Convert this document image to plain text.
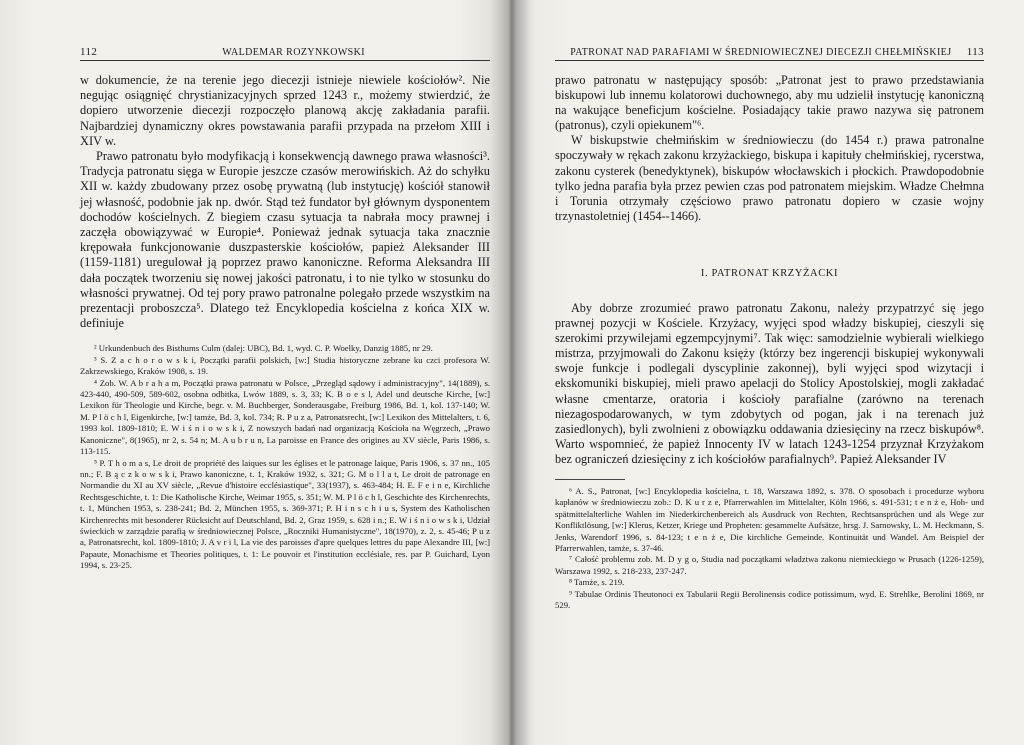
112	WALDEMAR ROZYNKOWSKI

w dokumencie, że na terenie jego diecezji istnieje niewiele kościołów². Nie negując osiągnięć chrystianizacyjnych sprzed 1243 r., możemy stwierdzić, że dopiero utworzenie diecezji rozpoczęło planową akcję zakładania parafii. Najbardziej dynamiczny okres powstawania parafii przypada na przełom XIII i XIV w.

Prawo patronatu było modyfikacją i konsekwencją dawnego prawa własności³. Tradycja patronatu sięga w Europie jeszcze czasów merowińskich. Aż do schyłku XII w. każdy zbudowany przez osobę prywatną (lub instytucję) kościół stanowił jej własność, podobnie jak np. dwór. Stąd też fundator był głównym dysponentem dochodów kościelnych. Z biegiem czasu sytuacja ta nabrała mocy prawnej i zaczęła obowiązywać w Europie⁴. Ponieważ jednak sytuacja taka znacznie krępowała funkcjonowanie duszpasterskie kościołów, papież Aleksander III (1159-1181) uregulował ją poprzez prawo kanoniczne. Reforma Aleksandra III dała początek tworzeniu się nowej jakości patronatu, i to nie tylko w stosunku do własności prywatnej. Od tej pory prawo patronalne polegało przede wszystkim na prezentacji proboszcza⁵. Dlatego też Encyklopedia kościelna z końca XIX w. definiuje

² Urkundenbuch des Bisthums Culm (dalej: UBC), Bd. 1, wyd. C. P. Woelky, Danzig 1885, nr 29.

³ S. Z a c h o r o w s k i, Początki parafii polskich, [w:] Studia historyczne zebrane ku czci profesora W. Zakrzewskiego, Kraków 1908, s. 19.

⁴ Zob. W. A b r a h a m, Początki prawa patronatu w Polsce, „Przegląd sądowy i administracyjny", 14(1889), s. 423-440, 490-509, 589-602, osobna odbitka, Lwów 1889, s. 3, 33; K. B o e s l, Adel und deutsche Kirche, [w:] Lexikon für Theologie und Kirche, begr. v. M. Buchberger, Sonderausgabe, Freiburg 1986, Bd. 1, kol. 137-140; W. M. P l ö c h l, Eigenkirche, [w:] tamże, Bd. 3, kol. 734; R. P u z a, Patronatsrecht, [w:] Lexikon des Mittelalters, t. 6, 1993 kol. 1809-1810; E. W i ś n i o w s k i, Z nowszych badań nad organizacją Kościoła na Węgrzech, „Prawo Kanoniczne", 8(1965), nr 2, s. 54 n; M. A u b r u n, La paroisse en France des origines au XV siècle, Paris 1986, s. 113-115.

⁵ P. T h o m a s, Le droit de propriété des laiques sur les églises et le patronage laique, Paris 1906, s. 37 nn., 105 nn.; F. B ą c z k o w s k i, Prawo kanoniczne, t. 1, Kraków 1932, s. 321; G. M o l l a t, Le droit de patronage en Normandie du XI au XV siècle, „Revue d'histoire ecclésiastique", 33(1937), s. 463-484; H. E. F e i n e, Kirchliche Rechtsgeschichte, t. 1: Die Katholische Kirche, Weimar 1955, s. 351; W. M. P l ö c h l, Geschichte des Kirchenrechts, t. 1, München 1953, s. 238-241; Bd. 2, München 1955, s. 369-371; P. H i n s c h i u s, System des Katholischen Kirchenrechts mit besonderer Rücksicht auf Deutschland, Bd. 2, Graz 1959, s. 628 i n.; E. W i ś n i o w s k i, Udział świeckich w zarządzie parafią w średniowiecznej Polsce, „Roczniki Humanistyczne", 18(1970), z. 2, s. 45-46; P u z a, Patronatsrecht, kol. 1809-1810; J. A v r i l, La vie des paroisses d'apre quelques lettres du pape Alexandre III, [w:] Papaute, Monachisme et Theories politiques, t. 1: Le pouvoir et l'institution ecclésiale, res. par P. Guichard, Lyon 1994, s. 23-25.

PATRONAT NAD PARAFIAMI W ŚREDNIOWIECZNEJ DIECEZJI CHEŁMIŃSKIEJ	113

prawo patronatu w następujący sposób: „Patronat jest to prawo przedstawiania biskupowi lub innemu kolatorowi duchownego, aby mu udzielił instytucję kanoniczną na wakujące beneficjum kościelne. Posiadający takie prawo nazywa się patronem (patronus), czyli opiekunem"⁶.

W biskupstwie chełmińskim w średniowieczu (do 1454 r.) prawa patronalne spoczywały w rękach zakonu krzyżackiego, biskupa i kapituły chełmińskiej, rycerstwa, zakonu cysterek (benedyktynek), biskupów włocławskich i płockich. Prawdopodobnie tylko jedna parafia była przez pewien czas pod patronatem miejskim. Władze Chełmna i Torunia otrzymały częściowo prawo patronatu dopiero w czasie wojny trzynastoletniej (1454--1466).

I. PATRONAT KRZYŻACKI

Aby dobrze zrozumieć prawo patronatu Zakonu, należy przypatrzyć się jego prawnej pozycji w Kościele. Krzyżacy, wyjęci spod władzy biskupiej, cieszyli się szerokimi przywilejami egzempcyjnymi⁷. Tak więc: samodzielnie wybierali wielkiego mistrza, przyjmowali do Zakonu księży (którzy bez ingerencji biskupiej wykonywali swoje funkcje i podlegali dyscyplinie zakonnej), byli wyjęci spod wizytacji i ekskomuniki biskupiej, mieli prawo apelacji do Stolicy Apostolskiej, mogli zakładać własne cmentarze, oratoria i kościoły parafialne (zarówno na terenach niezagospodarowanych, w tym zdobytych od pogan, jak i na terenach już zasiedlonych), byli zwolnieni z obowiązku oddawania dziesięciny na rzecz biskupów⁸. Warto wspomnieć, że papież Innocenty IV w latach 1243-1254 przyznał Krzyżakom bez ograniczeń dziesięciny z ich kościołów parafialnych⁹. Papież Aleksander IV

⁶ A. S., Patronat, [w:] Encyklopedia kościelna, t. 18, Warszawa 1892, s. 378. O sposobach i procedurze wyboru kapłanów w średniowieczu zob.: D. K u r z e, Pfarrerwahlen im Mittelalter, Köln 1966, s. 491-531; t e n ż e, Hoh- und spätmittelalterliche Wahlen im Niederkirchenbereich als Ausdruck von Rechten, Rechtsansprüchen und als Wege zur Konfliktlösung, [w:] Klerus, Ketzer, Kriege und Propheten: gesammelte Aufsätze, hrsg. J. Sarnowsky, L. M. Heckmann, S. Jenks, Warendorf 1996, s. 84-123; t e n ż e, Die kirchliche Gemeinde. Kontinuität und Wandel. Am Beispiel der Pfarrerwahlen, tamże, s. 37-46.

⁷ Całość problemu zob. M. D y g o, Studia nad początkami władztwa zakonu niemieckiego w Prusach (1226-1259), Warszawa 1992, s. 218-233, 237-247.

⁸ Tamże, s. 219.

⁹ Tabulae Ordinis Theutonoci ex Tabularii Regii Berolinensis codice potissimum, wyd. E. Strehlke, Berolini 1869, nr 529.
